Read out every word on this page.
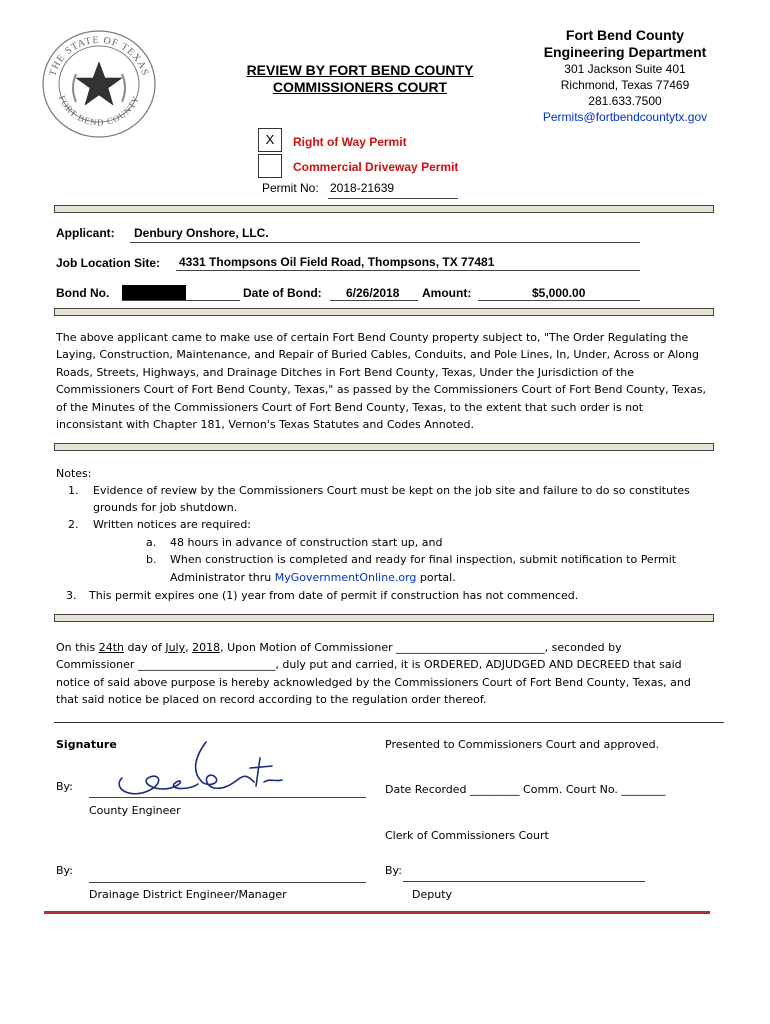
THE STATE OF TEXAS
FORT BEND COUNTY
REVIEW BY FORT BEND COUNTY
COMMISSIONERS COURT
Fort Bend County
Engineering Department
301 Jackson Suite 401
Richmond, Texas 77469
281.633.7500
Permits@fortbendcountytx.gov
X	Right of Way Permit
Commercial Driveway Permit
Permit No: 2018-21639
Applicant: Denbury Onshore, LLC.
Job Location Site: 4331 Thompsons Oil Field Road, Thompsons, TX 77481
Bond No.	Date of Bond: 6/26/2018 Amount:	$5,000.00
The above applicant came to make use of certain Fort Bend County property subject to, "The Order Regulating the
Laying, Construction, Maintenance, and Repair of Buried Cables, Conduits, and Pole Lines, In, Under, Across or Along
Roads, Streets, Highways, and Drainage Ditches in Fort Bend County, Texas, Under the Jurisdiction of the
Commissioners Court of Fort Bend County, Texas," as passed by the Commissioners Court of Fort Bend County, Texas,
of the Minutes of the Commissioners Court of Fort Bend County, Texas, to the extent that such order is not
inconsistant with Chapter 181, Vernon's Texas Statutes and Codes Annoted.
Notes:
1. Evidence of review by the Commissioners Court must be kept on the job site and failure to do so constitutes
grounds for job shutdown.
2. Written notices are required:
a. 48 hours in advance of construction start up, and
b. When construction is completed and ready for final inspection, submit notification to Permit
Administrator thru MyGovernmentOnline.org portal.
3. This permit expires one (1) year from date of permit if construction has not commenced.
On this 24th day of July, 2018, Upon Motion of Commissioner ___________________________, seconded by
Commissioner _________________________, duly put and carried, it is ORDERED, ADJUDGED AND DECREED that said
notice of said above purpose is hereby acknowledged by the Commissioners Court of Fort Bend County, Texas, and
that said notice be placed on record according to the regulation order thereof.
Signature
By:
County Engineer
By:
Drainage District Engineer/Manager
Presented to Commissioners Court and approved.
Date Recorded _________ Comm. Court No. ________
Clerk of Commissioners Court
By:
Deputy
